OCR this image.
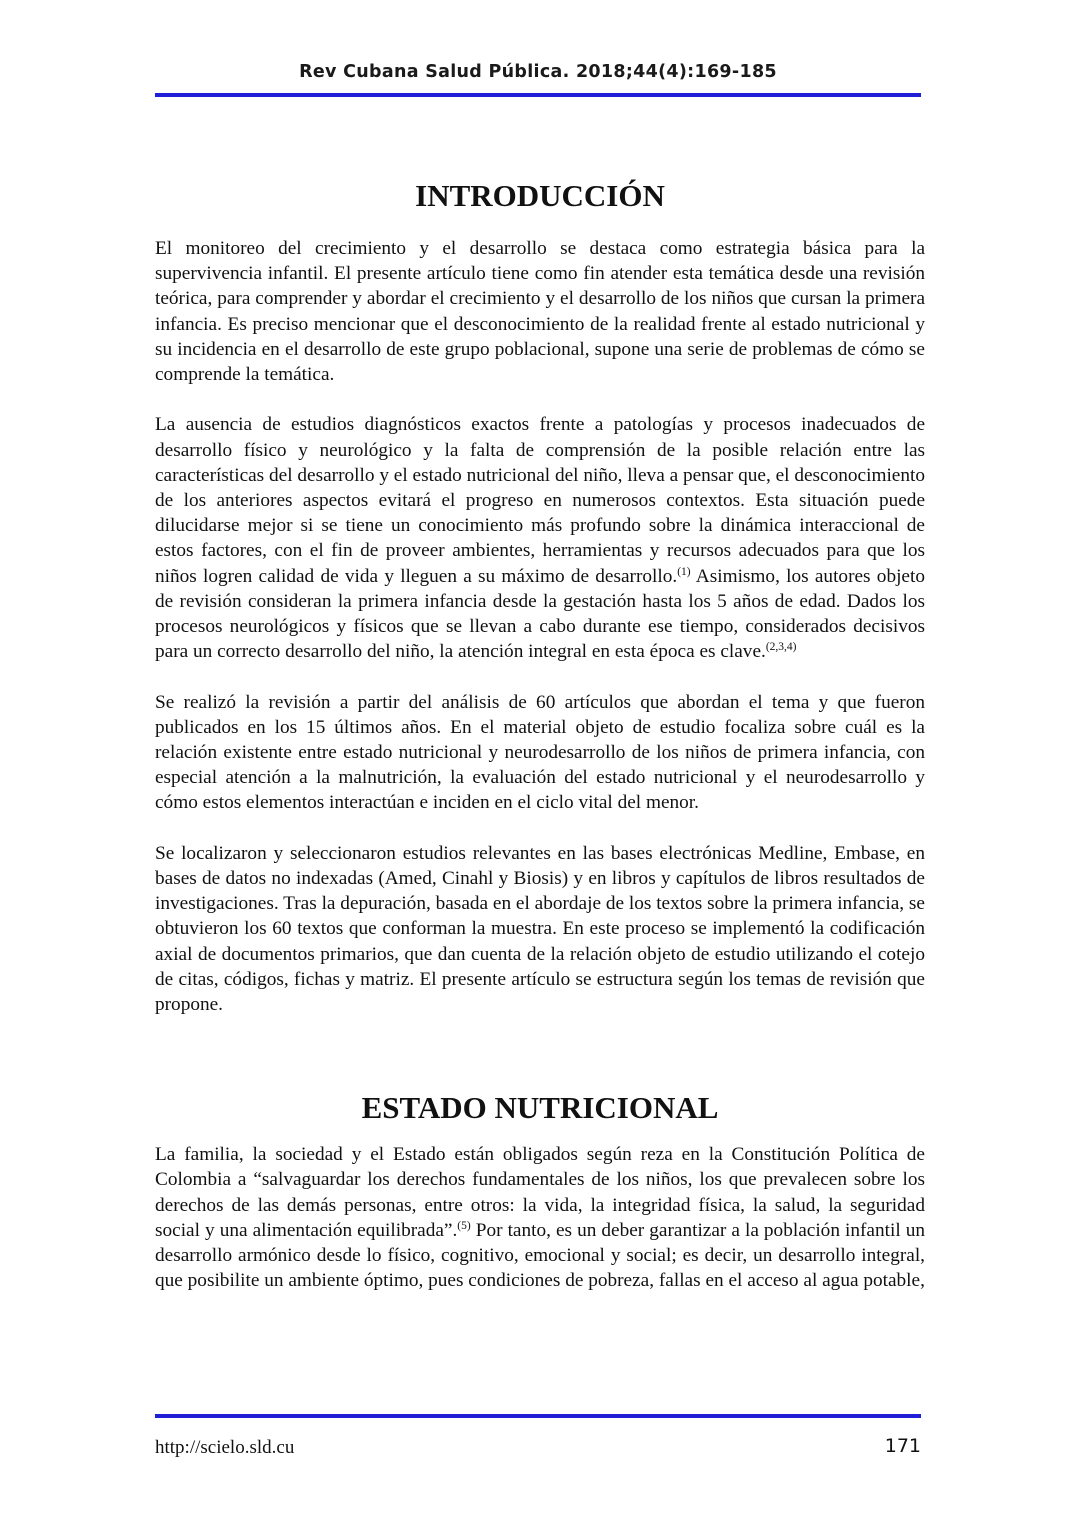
Rev Cubana Salud Pública. 2018;44(4):169-185
INTRODUCCIÓN

El monitoreo del crecimiento y el desarrollo se destaca como estrategia básica para la supervivencia infantil. El presente artículo tiene como fin atender esta temática desde una revisión teórica, para comprender y abordar el crecimiento y el desarrollo de los niños que cursan la primera infancia. Es preciso mencionar que el desconocimiento de la realidad frente al estado nutricional y su incidencia en el desarrollo de este grupo poblacional, supone una serie de problemas de cómo se comprende la temática.

La ausencia de estudios diagnósticos exactos frente a patologías y procesos inadecuados de desarrollo físico y neurológico y la falta de comprensión de la posible relación entre las características del desarrollo y el estado nutricional del niño, lleva a pensar que, el desconocimiento de los anteriores aspectos evitará el progreso en numerosos contextos. Esta situación puede dilucidarse mejor si se tiene un conocimiento más profundo sobre la dinámica interaccional de estos factores, con el fin de proveer ambientes, herramientas y recursos adecuados para que los niños logren calidad de vida y lleguen a su máximo de desarrollo.$^{(1)}$ Asimismo, los autores objeto de revisión consideran la primera infancia desde la gestación hasta los 5 años de edad. Dados los procesos neurológicos y físicos que se llevan a cabo durante ese tiempo, considerados decisivos para un correcto desarrollo del niño, la atención integral en esta época es clave.$^{(2,3,4)}$

Se realizó la revisión a partir del análisis de 60 artículos que abordan el tema y que fueron publicados en los 15 últimos años. En el material objeto de estudio focaliza sobre cuál es la relación existente entre estado nutricional y neurodesarrollo de los niños de primera infancia, con especial atención a la malnutrición, la evaluación del estado nutricional y el neurodesarrollo y cómo estos elementos interactúan e inciden en el ciclo vital del menor.

Se localizaron y seleccionaron estudios relevantes en las bases electrónicas Medline, Embase, en bases de datos no indexadas (Amed, Cinahl y Biosis) y en libros y capítulos de libros resultados de investigaciones. Tras la depuración, basada en el abordaje de los textos sobre la primera infancia, se obtuvieron los 60 textos que conforman la muestra. En este proceso se implementó la codificación axial de documentos primarios, que dan cuenta de la relación objeto de estudio utilizando el cotejo de citas, códigos, fichas y matriz. El presente artículo se estructura según los temas de revisión que propone.

ESTADO NUTRICIONAL

La familia, la sociedad y el Estado están obligados según reza en la Constitución Política de Colombia a “salvaguardar los derechos fundamentales de los niños, los que prevalecen sobre los derechos de las demás personas, entre otros: la vida, la integridad física, la salud, la seguridad social y una alimentación equilibrada”.$^{(5)}$ Por tanto, es un deber garantizar a la población infantil un desarrollo armónico desde lo físico, cognitivo, emocional y social; es decir, un desarrollo integral, que posibilite un ambiente óptimo, pues condiciones de pobreza, fallas en el acceso al agua potable,

http://scielo.sld.cu	171
